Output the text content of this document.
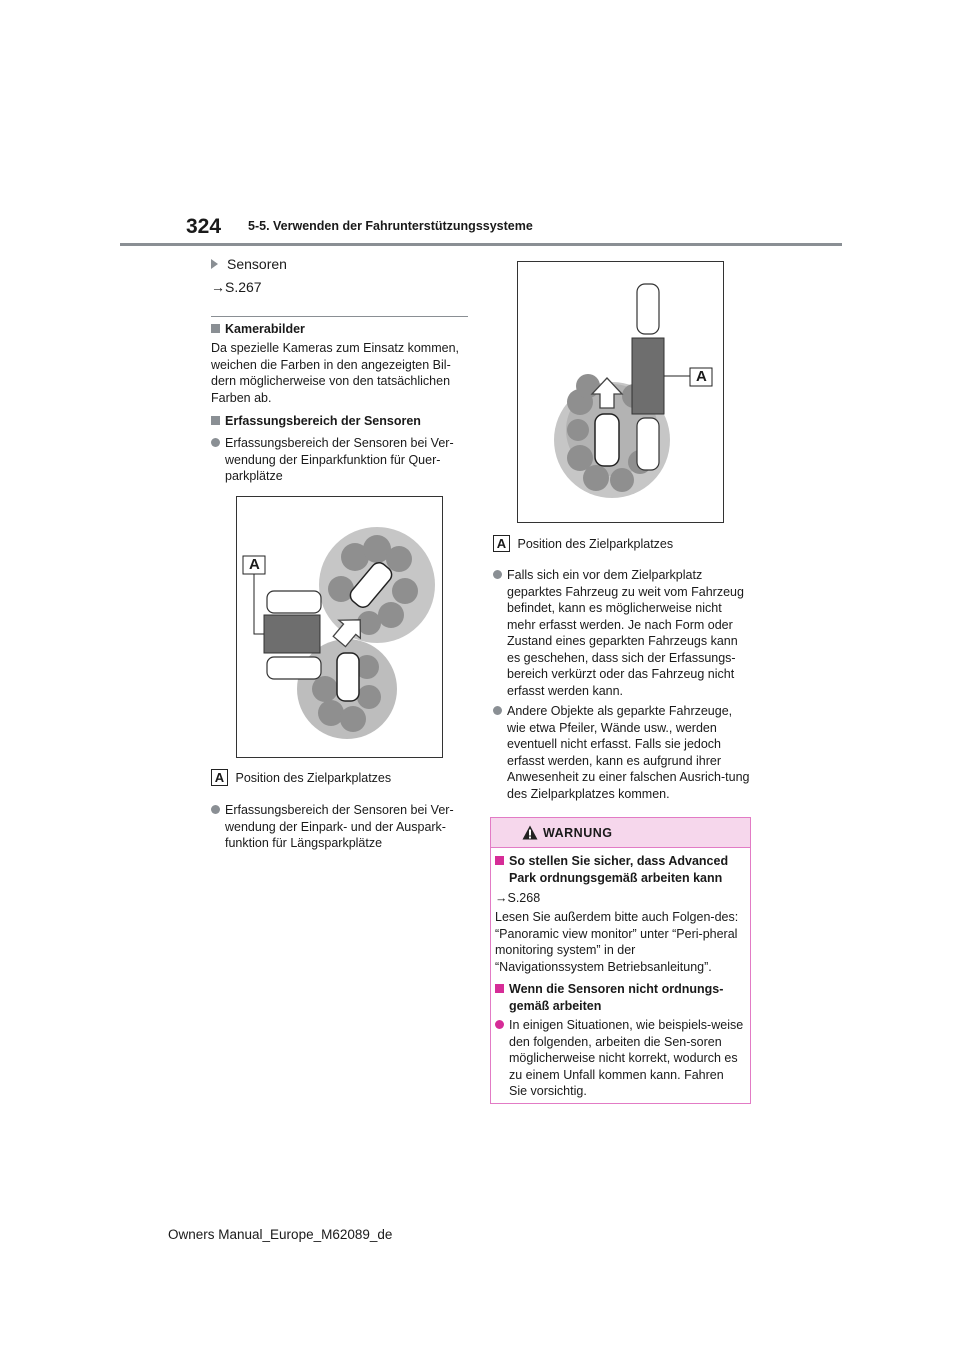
324 5-5. Verwenden der Fahrunterstützungssysteme
Sensoren
→S.267
Kamerabilder
Da spezielle Kameras zum Einsatz kommen, weichen die Farben in den angezeigten Bil-dern möglicherweise von den tatsächlichen Farben ab.
Erfassungsbereich der Sensoren
Erfassungsbereich der Sensoren bei Ver-wendung der Einparkfunktion für Quer-parkplätze
A
A Position des Zielparkplatzes
Erfassungsbereich der Sensoren bei Ver-wendung der Einpark- und der Auspark-funktion für Längsparkplätze
A
A Position des Zielparkplatzes
Falls sich ein vor dem Zielparkplatz geparktes Fahrzeug zu weit vom Fahrzeug befindet, kann es möglicherweise nicht mehr erfasst werden. Je nach Form oder Zustand eines geparkten Fahrzeugs kann es geschehen, dass sich der Erfassungs-bereich verkürzt oder das Fahrzeug nicht erfasst werden kann.
Andere Objekte als geparkte Fahrzeuge, wie etwa Pfeiler, Wände usw., werden eventuell nicht erfasst. Falls sie jedoch erfasst werden, kann es aufgrund ihrer Anwesenheit zu einer falschen Ausrich-tung des Zielparkplatzes kommen.
WARNUNG
So stellen Sie sicher, dass Advanced Park ordnungsgemäß arbeiten kann
→S.268
Lesen Sie außerdem bitte auch Folgen-des: “Panoramic view monitor” unter “Peri-pheral monitoring system” in der “Navigationssystem Betriebsanleitung”.
Wenn die Sensoren nicht ordnungs-gemäß arbeiten
In einigen Situationen, wie beispiels-weise den folgenden, arbeiten die Sen-soren möglicherweise nicht korrekt, wodurch es zu einem Unfall kommen kann. Fahren Sie vorsichtig.
Owners Manual_Europe_M62089_de
